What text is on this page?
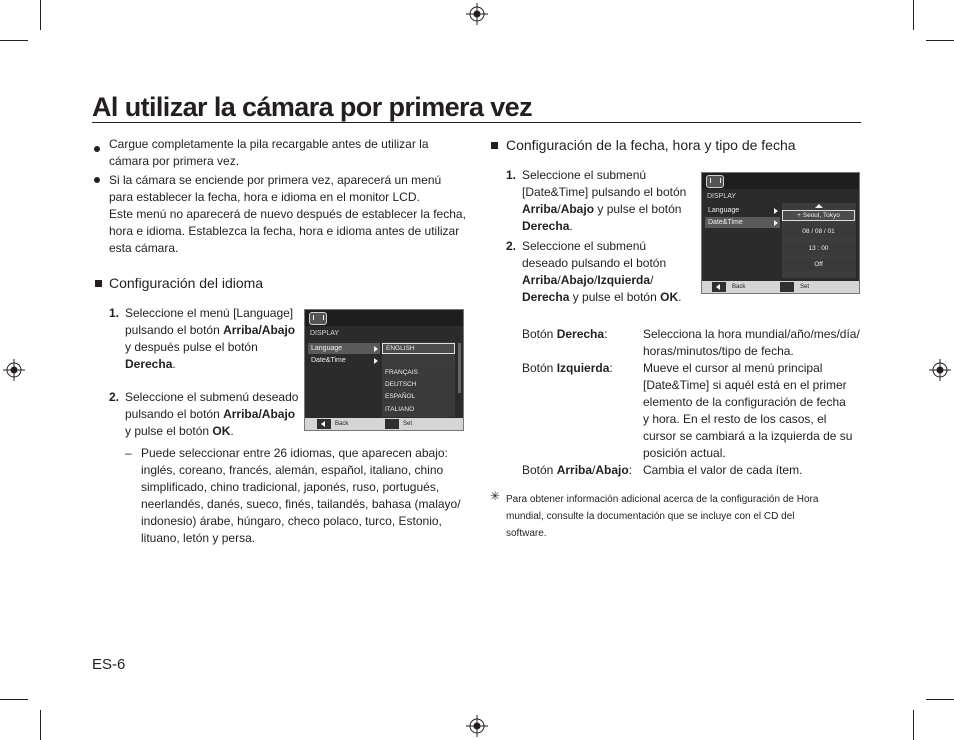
Al utilizar la cámara por primera vez
Cargue completamente la pila recargable antes de utilizar la
cámara por primera vez.
Si la cámara se enciende por primera vez, aparecerá un menú
para establecer la fecha, hora e idioma en el monitor LCD.
Este menú no aparecerá de nuevo después de establecer la fecha,
hora e idioma. Establezca la fecha, hora e idioma antes de utilizar
esta cámara.
Configuración del idioma
1. Seleccione el menú [Language]
pulsando el botón Arriba/Abajo
y después pulse el botón
Derecha.
2. Seleccione el submenú deseado
pulsando el botón Arriba/Abajo
y pulse el botón OK.
– Puede seleccionar entre 26 idiomas, que aparecen abajo:
inglés, coreano, francés, alemán, español, italiano, chino
simplificado, chino tradicional, japonés, ruso, portugués,
neerlandés, danés, sueco, finés, tailandés, bahasa (malayo/
indonesio) árabe, húngaro, checo polaco, turco, Estonio,
lituano, letón y persa.
DISPLAY
Language
Date&Time
ENGLISH
FRANÇAIS
DEUTSCH
ESPAÑOL
ITALIANO
Back	Set
Configuración de la fecha, hora y tipo de fecha
1. Seleccione el submenú
[Date&Time] pulsando el botón
Arriba/Abajo y pulse el botón
Derecha.
2. Seleccione el submenú
deseado pulsando el botón
Arriba/Abajo/Izquierda/
Derecha y pulse el botón OK.
Botón Derecha:	Selecciona la hora mundial/año/mes/día/
horas/minutos/tipo de fecha.
Botón Izquierda:	Mueve el cursor al menú principal
[Date&Time] si aquél está en el primer
elemento de la configuración de fecha
y hora. En el resto de los casos, el
cursor se cambiará a la izquierda de su
posición actual.
Botón Arriba/Abajo: Cambia el valor de cada ítem.
✳ Para obtener información adicional acerca de la configuración de Hora
mundial, consulte la documentación que se incluye con el CD del
software.
DISPLAY
Language
Date&Time
+ Seoul, Tokyo
08 / 08 / 01
13 : 00
Off
Back	Set
ES-6
